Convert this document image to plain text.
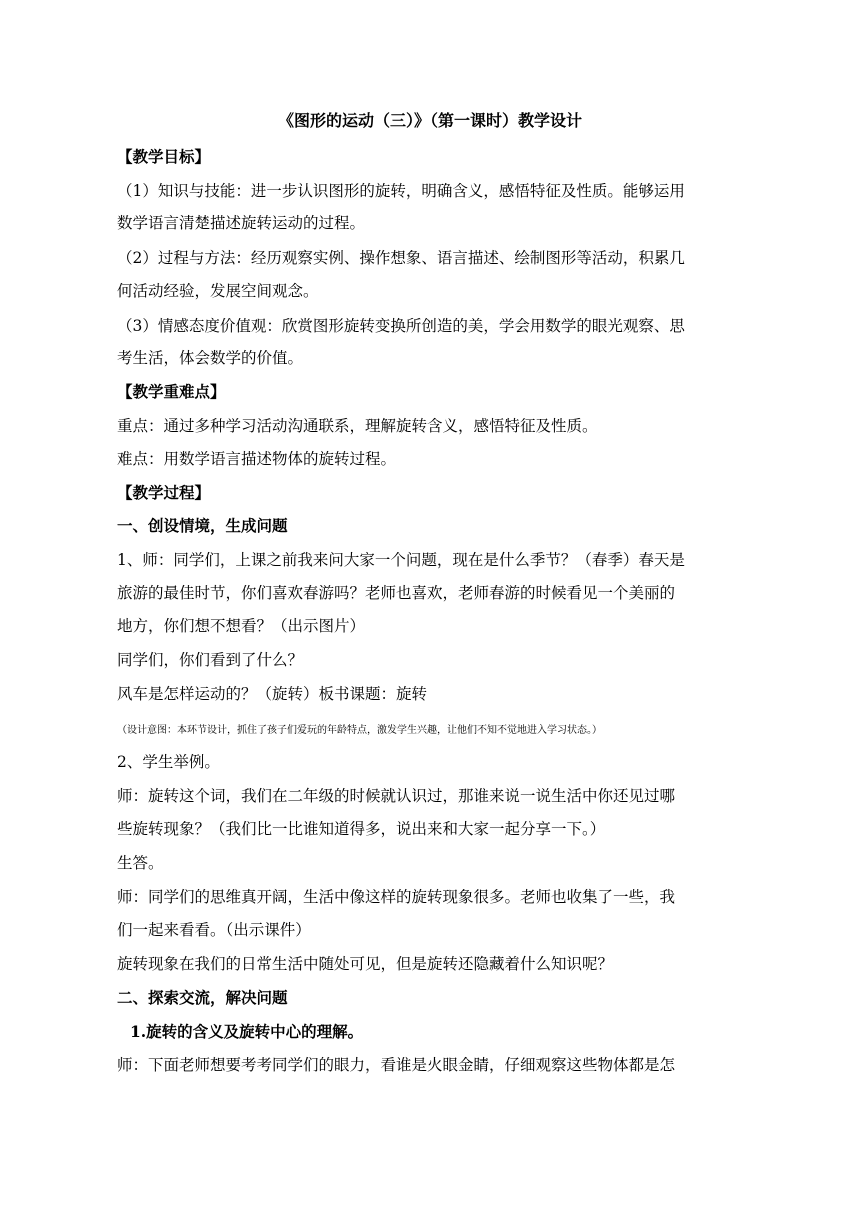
《图形的运动（三）》（第一课时）教学设计
【教学目标】
（1）知识与技能：进一步认识图形的旋转，明确含义，感悟特征及性质。能够运用
数学语言清楚描述旋转运动的过程。
（2）过程与方法：经历观察实例、操作想象、语言描述、绘制图形等活动，积累几
何活动经验，发展空间观念。
（3）情感态度价值观：欣赏图形旋转变换所创造的美，学会用数学的眼光观察、思
考生活，体会数学的价值。
【教学重难点】
重点：通过多种学习活动沟通联系，理解旋转含义，感悟特征及性质。
难点：用数学语言描述物体的旋转过程。
【教学过程】
一、创设情境，生成问题
1、师：同学们，上课之前我来问大家一个问题，现在是什么季节？（春季）春天是
旅游的最佳时节，你们喜欢春游吗？老师也喜欢，老师春游的时候看见一个美丽的
地方，你们想不想看？（出示图片）
同学们，你们看到了什么？
风车是怎样运动的？（旋转）板书课题：旋转
（设计意图：本环节设计，抓住了孩子们爱玩的年龄特点，激发学生兴趣，让他们不知不觉地进入学习状态。）
2、学生举例。
师：旋转这个词，我们在二年级的时候就认识过，那谁来说一说生活中你还见过哪
些旋转现象？（我们比一比谁知道得多，说出来和大家一起分享一下。）
生答。
师：同学们的思维真开阔，生活中像这样的旋转现象很多。老师也收集了一些，我
们一起来看看。（出示课件）
旋转现象在我们的日常生活中随处可见，但是旋转还隐藏着什么知识呢？
二、探索交流，解决问题
1.旋转的含义及旋转中心的理解。
师：下面老师想要考考同学们的眼力，看谁是火眼金睛，仔细观察这些物体都是怎
